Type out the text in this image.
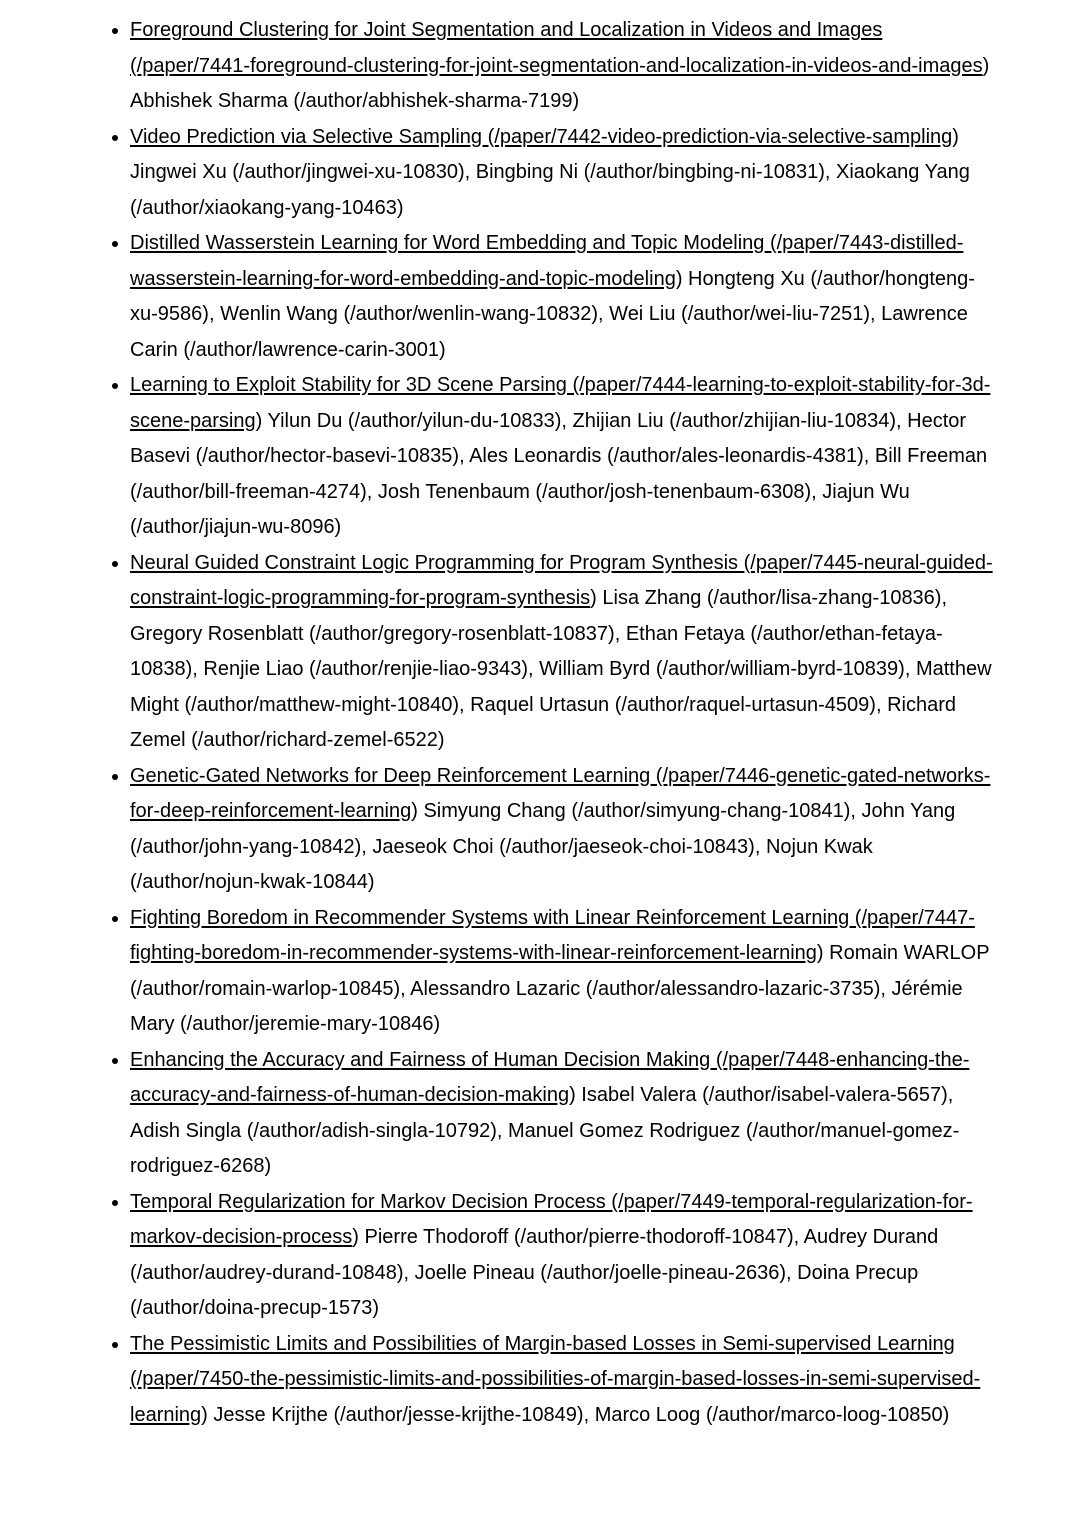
• Foreground Clustering for Joint Segmentation and Localization in Videos and Images (/paper/7441-foreground-clustering-for-joint-segmentation-and-localization-in-videos-and-images) Abhishek Sharma (/author/abhishek-sharma-7199)
• Video Prediction via Selective Sampling (/paper/7442-video-prediction-via-selective-sampling) Jingwei Xu (/author/jingwei-xu-10830), Bingbing Ni (/author/bingbing-ni-10831), Xiaokang Yang (/author/xiaokang-yang-10463)
• Distilled Wasserstein Learning for Word Embedding and Topic Modeling (/paper/7443-distilled-wasserstein-learning-for-word-embedding-and-topic-modeling) Hongteng Xu (/author/hongteng-xu-9586), Wenlin Wang (/author/wenlin-wang-10832), Wei Liu (/author/wei-liu-7251), Lawrence Carin (/author/lawrence-carin-3001)
• Learning to Exploit Stability for 3D Scene Parsing (/paper/7444-learning-to-exploit-stability-for-3d-scene-parsing) Yilun Du (/author/yilun-du-10833), Zhijian Liu (/author/zhijian-liu-10834), Hector Basevi (/author/hector-basevi-10835), Ales Leonardis (/author/ales-leonardis-4381), Bill Freeman (/author/bill-freeman-4274), Josh Tenenbaum (/author/josh-tenenbaum-6308), Jiajun Wu (/author/jiajun-wu-8096)
• Neural Guided Constraint Logic Programming for Program Synthesis (/paper/7445-neural-guided-constraint-logic-programming-for-program-synthesis) Lisa Zhang (/author/lisa-zhang-10836), Gregory Rosenblatt (/author/gregory-rosenblatt-10837), Ethan Fetaya (/author/ethan-fetaya-10838), Renjie Liao (/author/renjie-liao-9343), William Byrd (/author/william-byrd-10839), Matthew Might (/author/matthew-might-10840), Raquel Urtasun (/author/raquel-urtasun-4509), Richard Zemel (/author/richard-zemel-6522)
• Genetic-Gated Networks for Deep Reinforcement Learning (/paper/7446-genetic-gated-networks-for-deep-reinforcement-learning) Simyung Chang (/author/simyung-chang-10841), John Yang (/author/john-yang-10842), Jaeseok Choi (/author/jaeseok-choi-10843), Nojun Kwak (/author/nojun-kwak-10844)
• Fighting Boredom in Recommender Systems with Linear Reinforcement Learning (/paper/7447-fighting-boredom-in-recommender-systems-with-linear-reinforcement-learning) Romain WARLOP (/author/romain-warlop-10845), Alessandro Lazaric (/author/alessandro-lazaric-3735), Jérémie Mary (/author/jeremie-mary-10846)
• Enhancing the Accuracy and Fairness of Human Decision Making (/paper/7448-enhancing-the-accuracy-and-fairness-of-human-decision-making) Isabel Valera (/author/isabel-valera-5657), Adish Singla (/author/adish-singla-10792), Manuel Gomez Rodriguez (/author/manuel-gomez-rodriguez-6268)
• Temporal Regularization for Markov Decision Process (/paper/7449-temporal-regularization-for-markov-decision-process) Pierre Thodoroff (/author/pierre-thodoroff-10847), Audrey Durand (/author/audrey-durand-10848), Joelle Pineau (/author/joelle-pineau-2636), Doina Precup (/author/doina-precup-1573)
• The Pessimistic Limits and Possibilities of Margin-based Losses in Semi-supervised Learning (/paper/7450-the-pessimistic-limits-and-possibilities-of-margin-based-losses-in-semi-supervised-learning) Jesse Krijthe (/author/jesse-krijthe-10849), Marco Loog (/author/marco-loog-10850)
